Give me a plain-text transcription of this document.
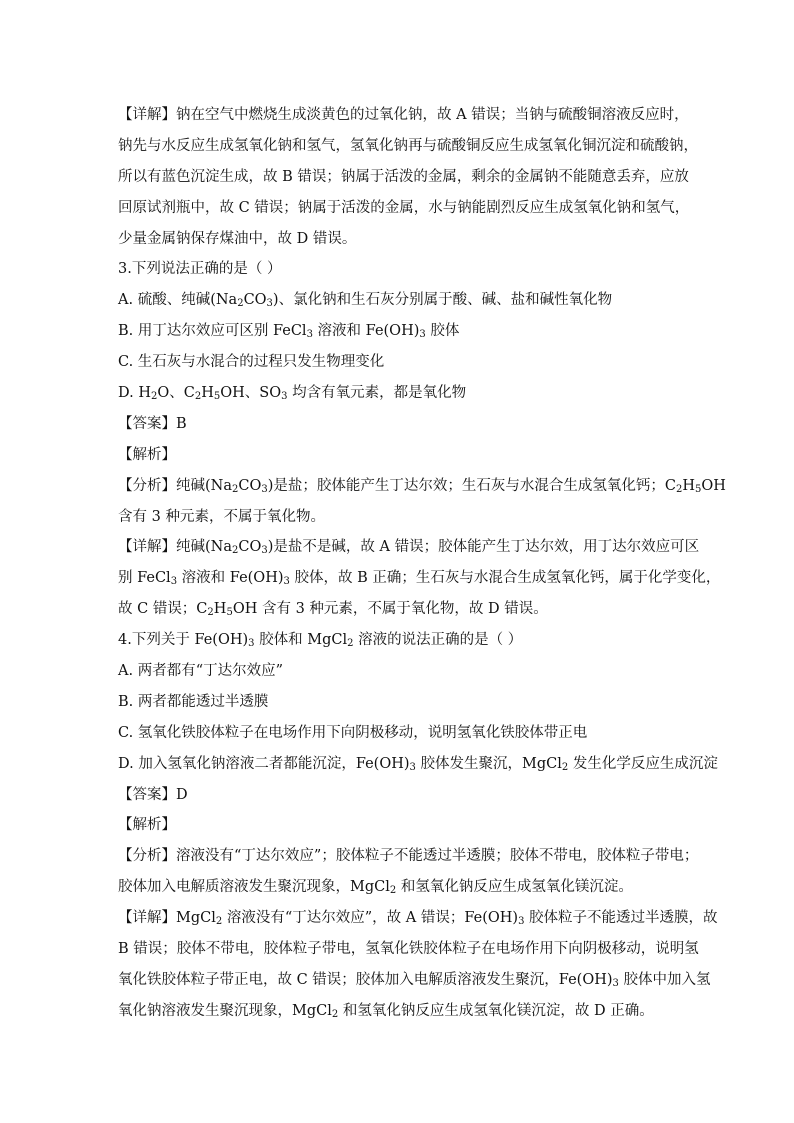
【详解】钠在空气中燃烧生成淡黄色的过氧化钠，故 A 错误；当钠与硫酸铜溶液反应时，
钠先与水反应生成氢氧化钠和氢气，氢氧化钠再与硫酸铜反应生成氢氧化铜沉淀和硫酸钠，
所以有蓝色沉淀生成，故 B 错误；钠属于活泼的金属，剩余的金属钠不能随意丢弃，应放
回原试剂瓶中，故 C 错误；钠属于活泼的金属，水与钠能剧烈反应生成氢氧化钠和氢气，
少量金属钠保存煤油中，故 D 错误。
3.下列说法正确的是（ ）
A. 硫酸、纯碱$(Na_2CO_3)$、氯化钠和生石灰分别属于酸、碱、盐和碱性氧化物
B. 用丁达尔效应可区别 FeCl$_3$ 溶液和 $Fe(OH)_3$ 胶体
C. 生石灰与水混合的过程只发生物理变化
D. $H_2O$、$C_2H_5OH$、$SO_3$ 均含有氧元素，都是氧化物
【答案】B
【解析】
【分析】纯碱$(Na_2CO_3)$是盐；胶体能产生丁达尔效；生石灰与水混合生成氢氧化钙；$C_2H_5OH$
含有 3 种元素，不属于氧化物。
【详解】纯碱$(Na_2CO_3)$是盐不是碱，故 A 错误；胶体能产生丁达尔效，用丁达尔效应可区
别 FeCl$_3$ 溶液和 $Fe(OH)_3$ 胶体，故 B 正确；生石灰与水混合生成氢氧化钙，属于化学变化，
故 C 错误；$C_2H_5OH$ 含有 3 种元素，不属于氧化物，故 D 错误。
4.下列关于 $Fe(OH)_3$ 胶体和 MgCl$_2$ 溶液的说法正确的是（ ）
A. 两者都有“丁达尔效应”
B. 两者都能透过半透膜
C. 氢氧化铁胶体粒子在电场作用下向阴极移动，说明氢氧化铁胶体带正电
D. 加入氢氧化钠溶液二者都能沉淀，$Fe(OH)_3$ 胶体发生聚沉，MgCl$_2$ 发生化学反应生成沉淀
【答案】D
【解析】
【分析】溶液没有“丁达尔效应”；胶体粒子不能透过半透膜；胶体不带电，胶体粒子带电；
胶体加入电解质溶液发生聚沉现象，MgCl$_2$ 和氢氧化钠反应生成氢氧化镁沉淀。
【详解】MgCl$_2$ 溶液没有“丁达尔效应”，故 A 错误；$Fe(OH)_3$ 胶体粒子不能透过半透膜，故
B 错误；胶体不带电，胶体粒子带电，氢氧化铁胶体粒子在电场作用下向阴极移动，说明氢
氧化铁胶体粒子带正电，故 C 错误；胶体加入电解质溶液发生聚沉，$Fe(OH)_3$ 胶体中加入氢
氧化钠溶液发生聚沉现象，MgCl$_2$ 和氢氧化钠反应生成氢氧化镁沉淀，故 D 正确。
